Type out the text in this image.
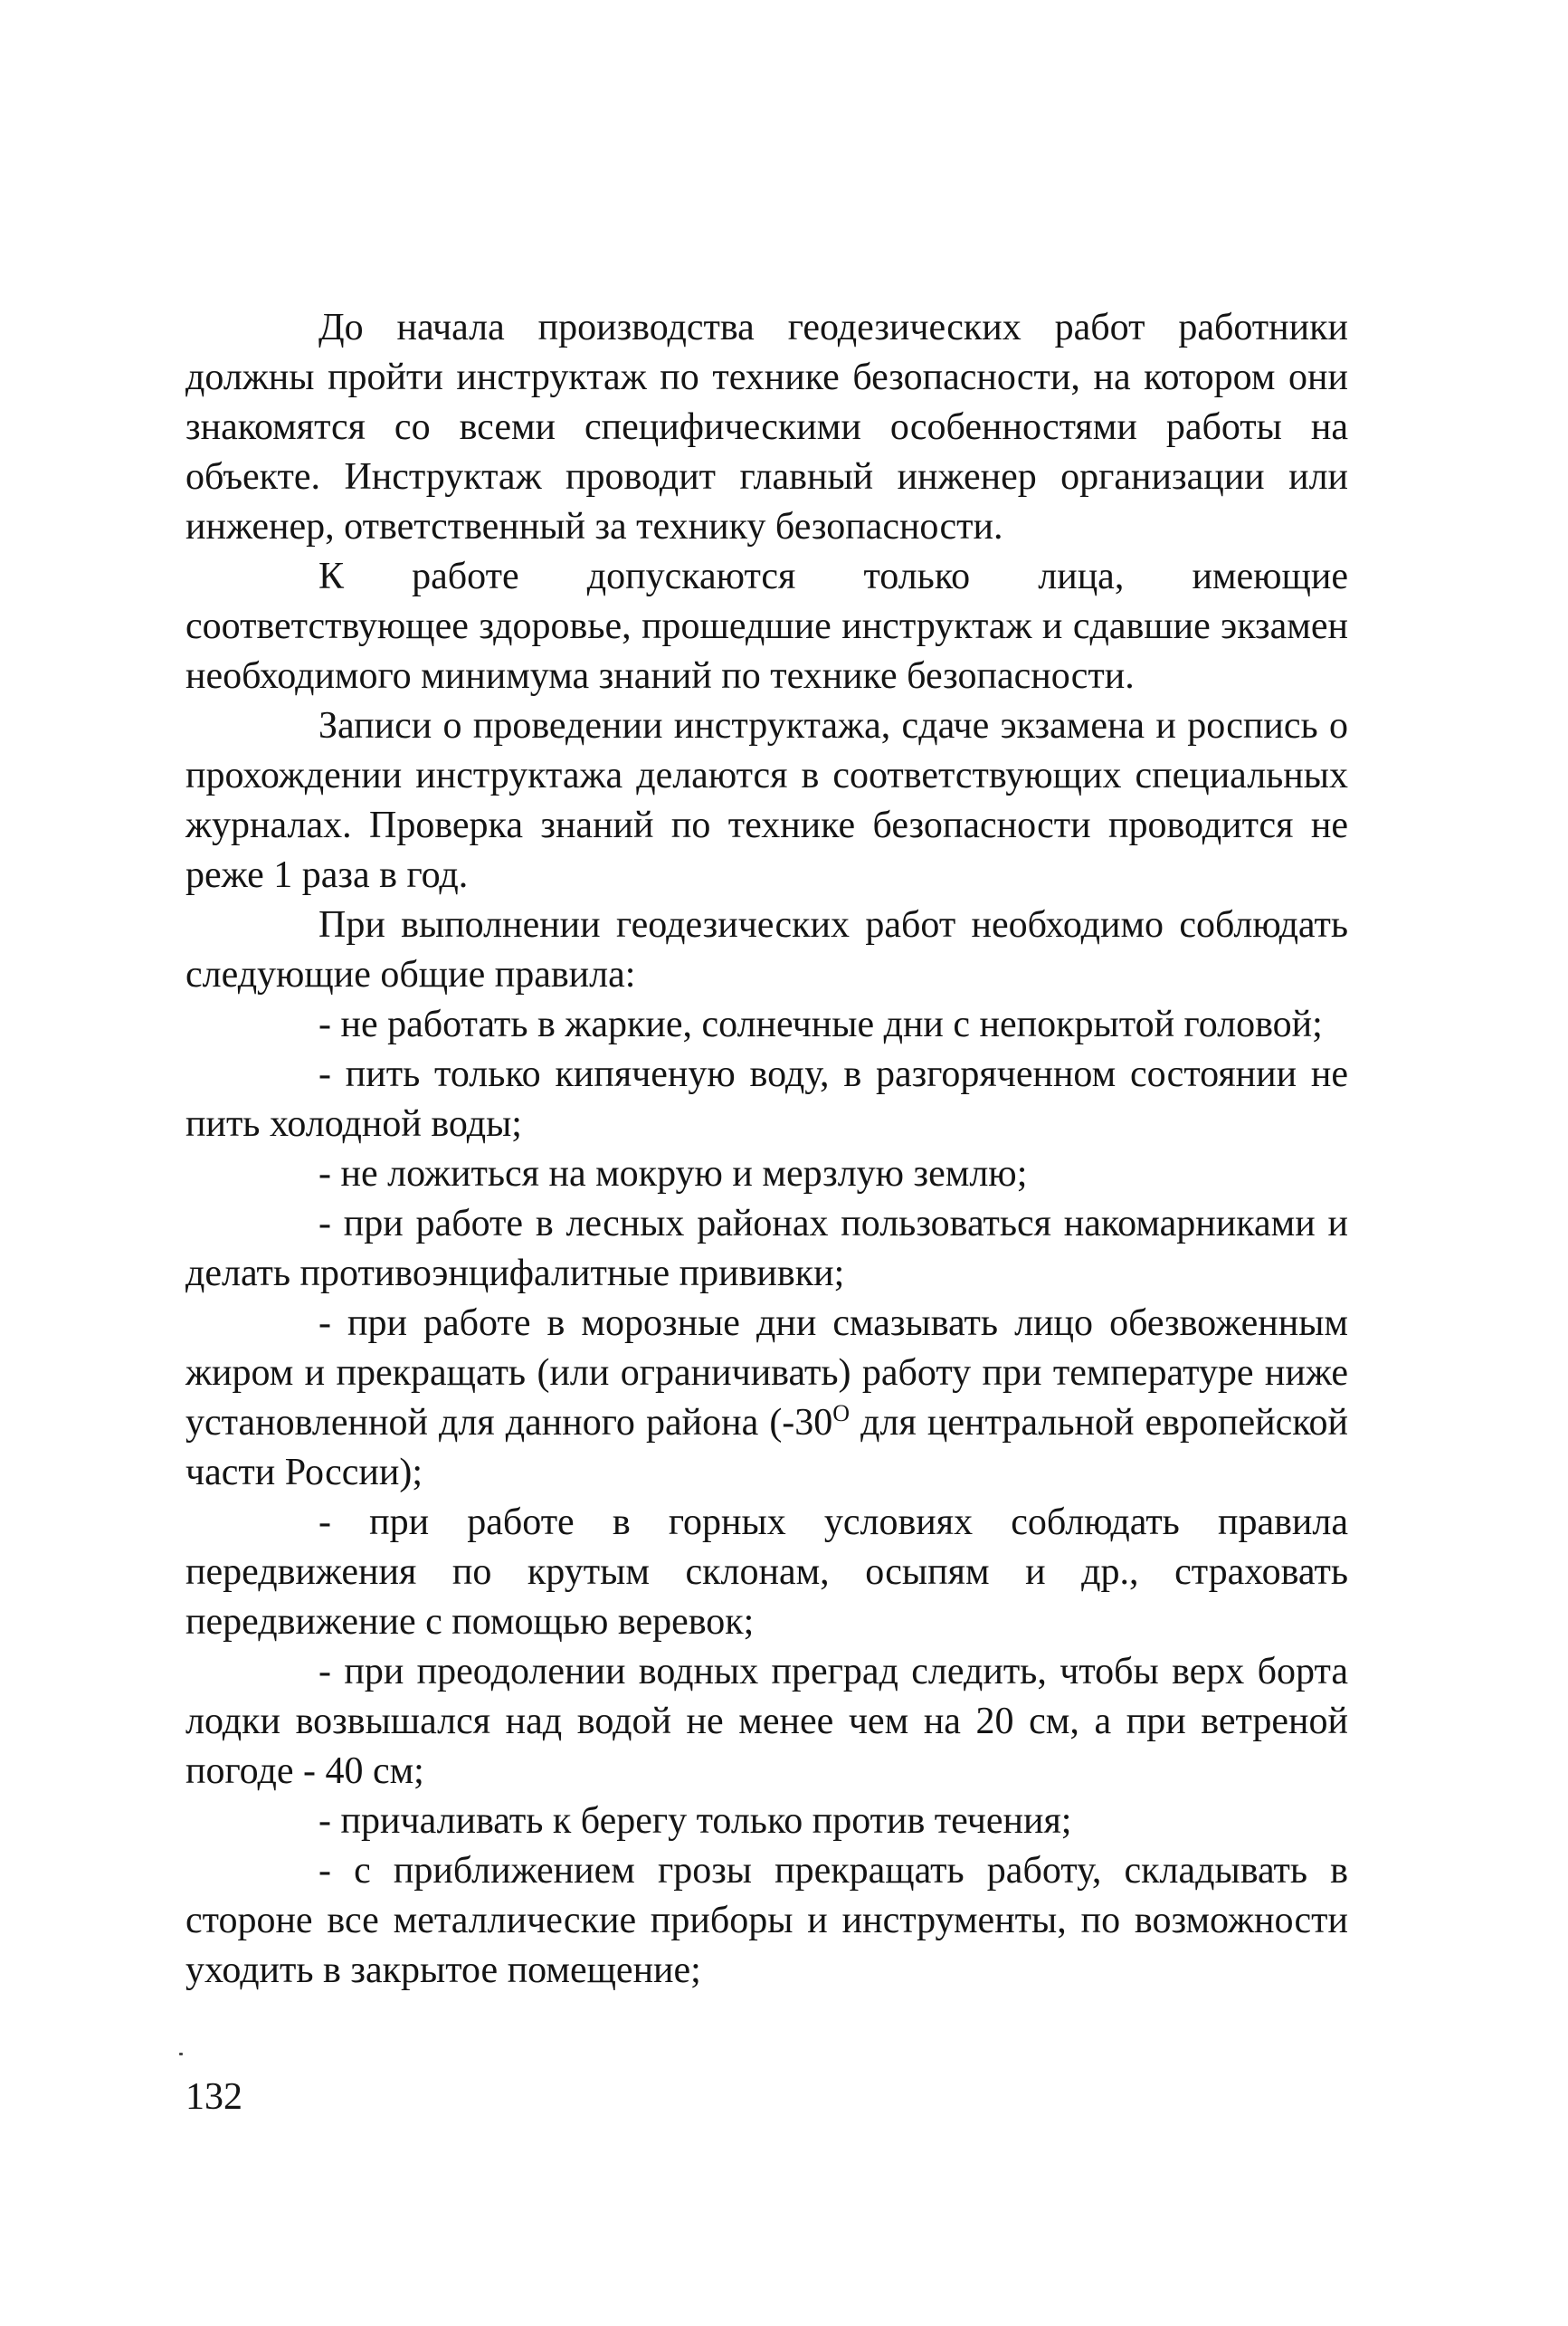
До начала производства геодезических работ работники должны пройти инструктаж по технике безопасности, на котором они знакомятся со всеми специфическими особенностями работы на объекте. Инструктаж проводит главный инженер организации или инженер, ответственный за технику безопасности.

К работе допускаются только лица, имеющие соответствующее здоровье, прошедшие инструктаж и сдавшие экзамен необходимого минимума знаний по технике безопасности.

Записи о проведении инструктажа, сдаче экзамена и роспись о прохождении инструктажа делаются в соответствующих специальных журналах. Проверка знаний по технике безопасности проводится не реже 1 раза в год.

При выполнении геодезических работ необходимо соблюдать следующие общие правила:

- не работать в жаркие, солнечные дни с непокрытой головой;

- пить только кипяченую воду, в разгоряченном состоянии не пить холодной воды;

- не ложиться на мокрую и мерзлую землю;

- при работе в лесных районах пользоваться накомарниками и делать противоэнцифалитные прививки;

- при работе в морозные дни смазывать лицо обезвоженным жиром и прекращать (или ограничивать) работу при температуре ниже установленной для данного района ($-30^О$ для центральной европейской части России);

- при работе в горных условиях соблюдать правила передвижения по крутым склонам, осыпям и др., страховать передвижение с помощью веревок;

- при преодолении водных преград следить, чтобы верх борта лодки возвышался над водой не менее чем на 20 см, а при ветреной погоде - 40 см;

- причаливать к берегу только против течения;

- с приближением грозы прекращать работу, складывать в стороне все металлические приборы и инструменты, по возможности уходить в закрытое помещение;

132
